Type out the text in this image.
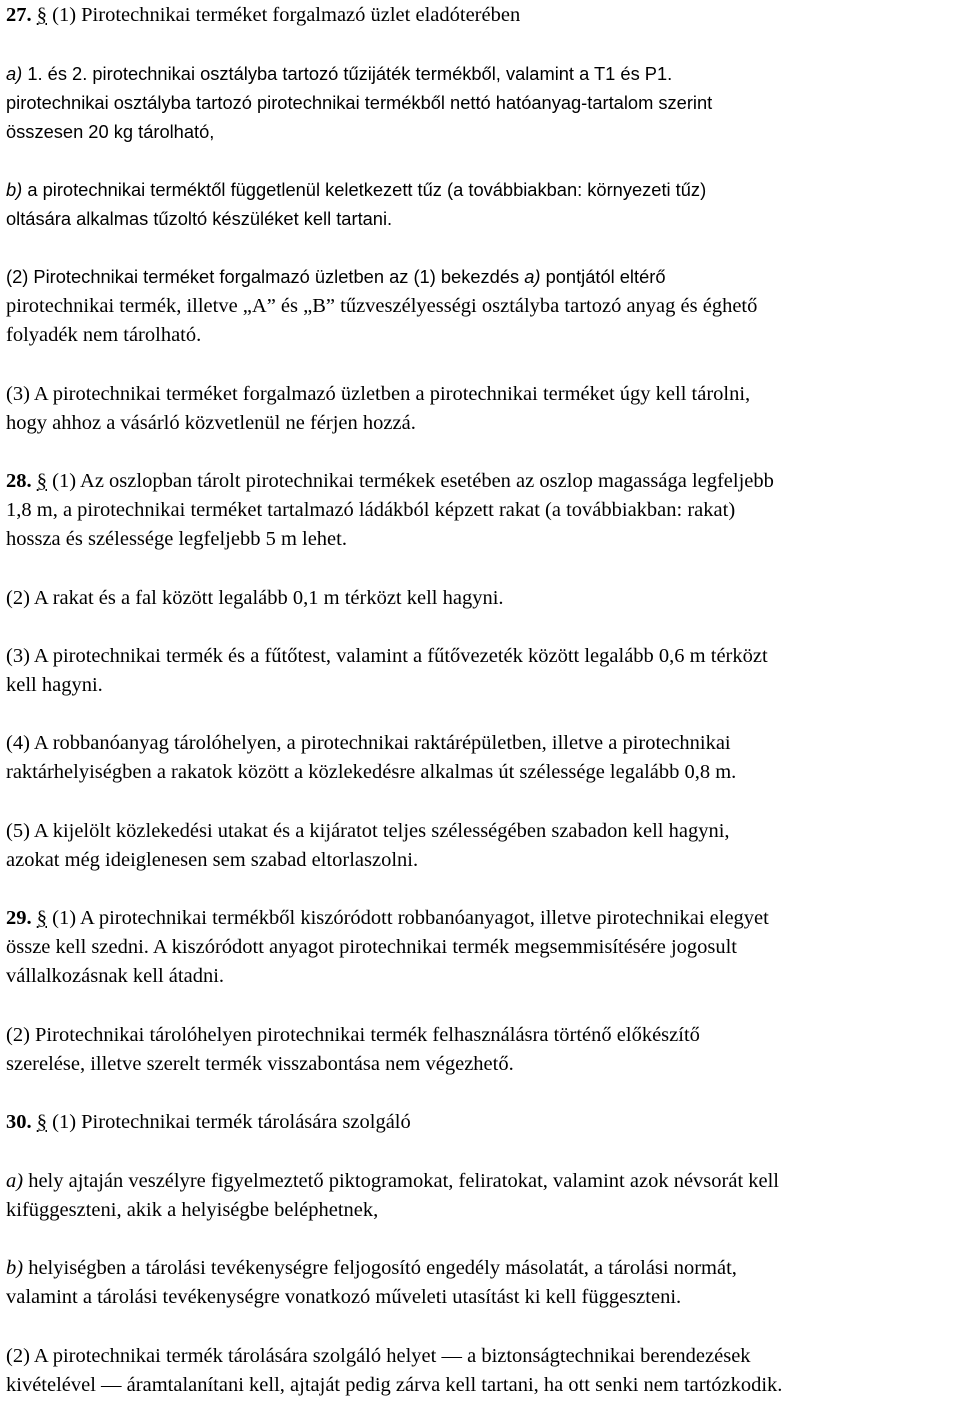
27. § (1) Pirotechnikai terméket forgalmazó üzlet eladóterében
a) 1. és 2. pirotechnikai osztályba tartozó tűzijáték termékből, valamint a T1 és P1.
pirotechnikai osztályba tartozó pirotechnikai termékből nettó hatóanyag-tartalom szerint
összesen 20 kg tárolható,
b) a pirotechnikai terméktől függetlenül keletkezett tűz (a továbbiakban: környezeti tűz)
oltására alkalmas tűzoltó készüléket kell tartani.
(2) Pirotechnikai terméket forgalmazó üzletben az (1) bekezdés a) pontjától eltérő
pirotechnikai termék, illetve „A” és „B” tűzveszélyességi osztályba tartozó anyag és éghető
folyadék nem tárolható.
(3) A pirotechnikai terméket forgalmazó üzletben a pirotechnikai terméket úgy kell tárolni,
hogy ahhoz a vásárló közvetlenül ne férjen hozzá.
28. § (1) Az oszlopban tárolt pirotechnikai termékek esetében az oszlop magassága legfeljebb
1,8 m, a pirotechnikai terméket tartalmazó ládákból képzett rakat (a továbbiakban: rakat)
hossza és szélessége legfeljebb 5 m lehet.
(2) A rakat és a fal között legalább 0,1 m térközt kell hagyni.
(3) A pirotechnikai termék és a fűtőtest, valamint a fűtővezeték között legalább 0,6 m térközt
kell hagyni.
(4) A robbanóanyag tárolóhelyen, a pirotechnikai raktárépületben, illetve a pirotechnikai
raktárhelyiségben a rakatok között a közlekedésre alkalmas út szélessége legalább 0,8 m.
(5) A kijelölt közlekedési utakat és a kijáratot teljes szélességében szabadon kell hagyni,
azokat még ideiglenesen sem szabad eltorlaszolni.
29. § (1) A pirotechnikai termékből kiszóródott robbanóanyagot, illetve pirotechnikai elegyet
össze kell szedni. A kiszóródott anyagot pirotechnikai termék megsemmisítésére jogosult
vállalkozásnak kell átadni.
(2) Pirotechnikai tárolóhelyen pirotechnikai termék felhasználásra történő előkészítő
szerelése, illetve szerelt termék visszabontása nem végezhető.
30. § (1) Pirotechnikai termék tárolására szolgáló
a) hely ajtaján veszélyre figyelmeztető piktogramokat, feliratokat, valamint azok névsorát kell
kifüggeszteni, akik a helyiségbe beléphetnek,
b) helyiségben a tárolási tevékenységre feljogosító engedély másolatát, a tárolási normát,
valamint a tárolási tevékenységre vonatkozó műveleti utasítást ki kell függeszteni.
(2) A pirotechnikai termék tárolására szolgáló helyet — a biztonságtechnikai berendezések
kivételével — áramtalanítani kell, ajtaját pedig zárva kell tartani, ha ott senki nem tartózkodik.
